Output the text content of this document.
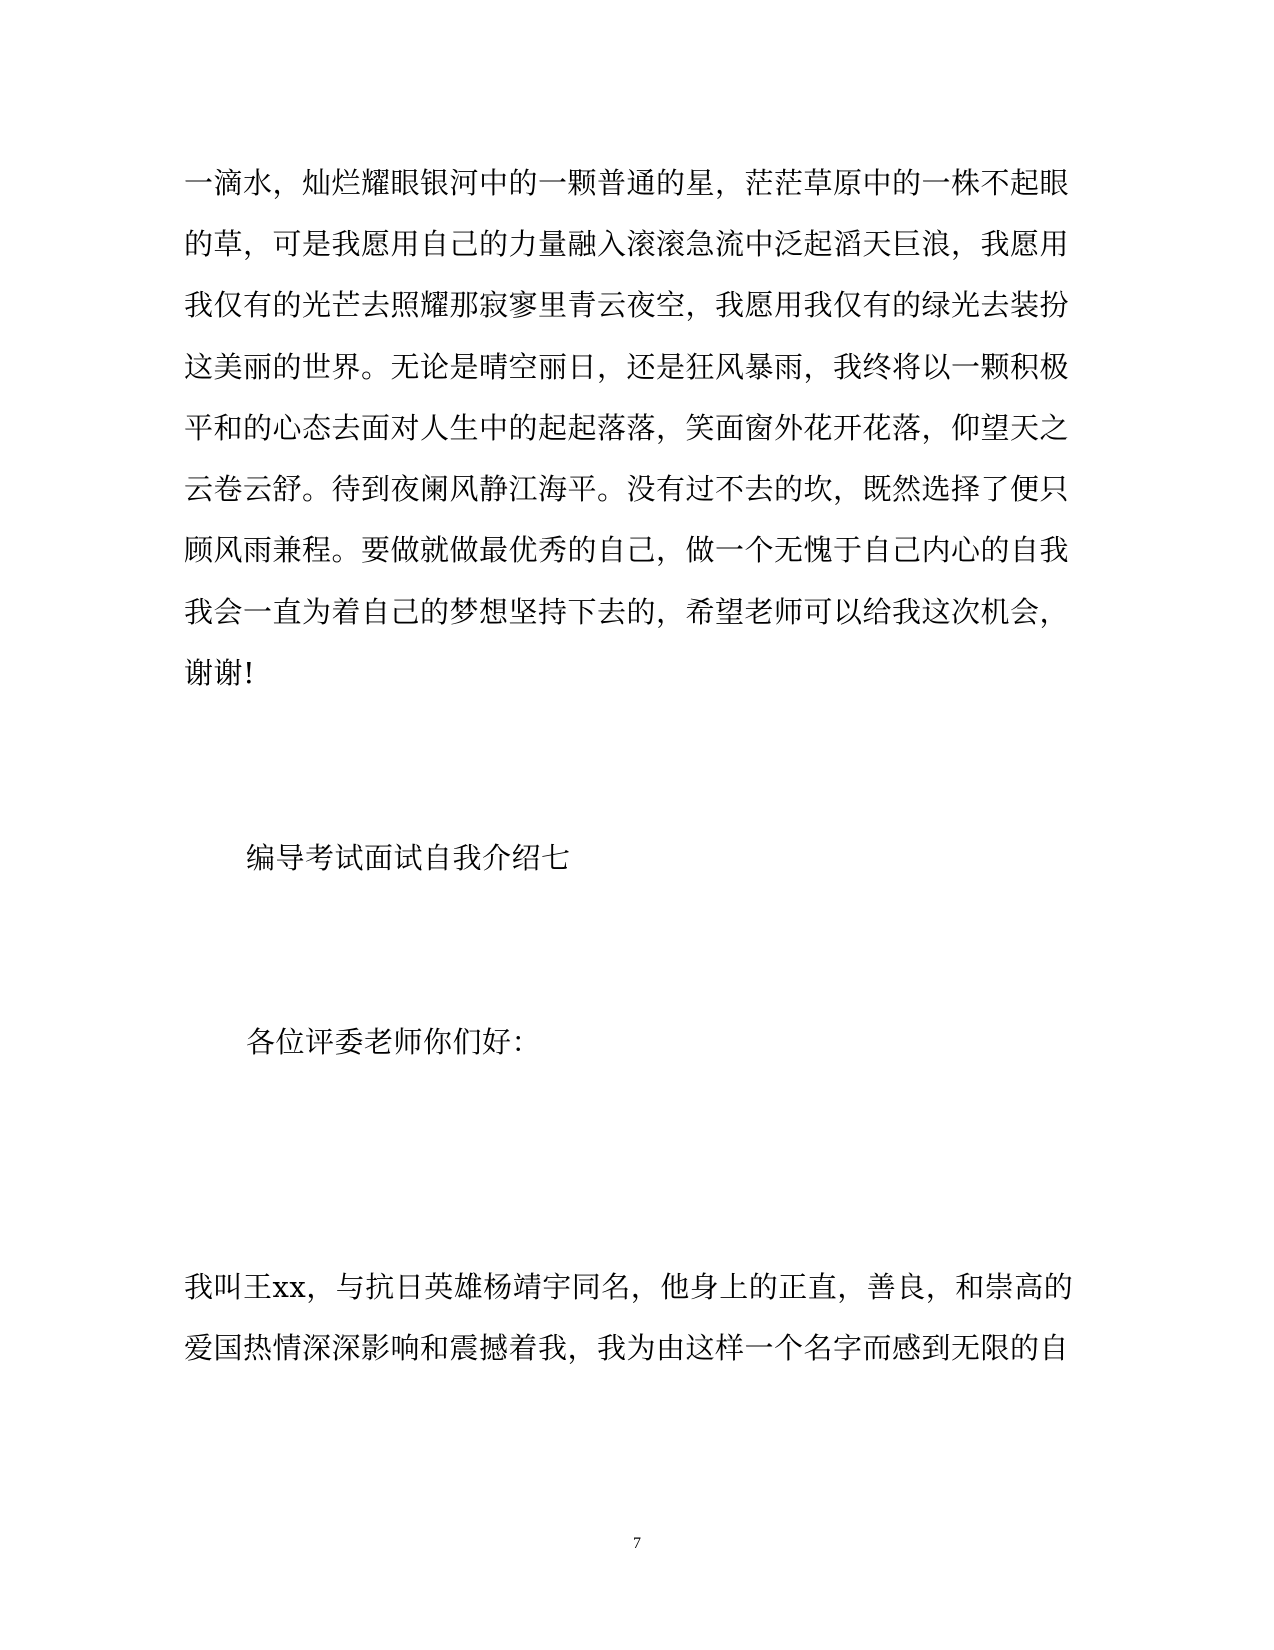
一滴水，灿烂耀眼银河中的一颗普通的星，茫茫草原中的一株不起眼
的草，可是我愿用自己的力量融入滚滚急流中泛起滔天巨浪，我愿用
我仅有的光芒去照耀那寂寥里青云夜空，我愿用我仅有的绿光去装扮
这美丽的世界。无论是晴空丽日，还是狂风暴雨，我终将以一颗积极
平和的心态去面对人生中的起起落落，笑面窗外花开花落，仰望天之
云卷云舒。待到夜阑风静江海平。没有过不去的坎，既然选择了便只
顾风雨兼程。要做就做最优秀的自己，做一个无愧于自己内心的自我
我会一直为着自己的梦想坚持下去的，希望老师可以给我这次机会，
谢谢!
编导考试面试自我介绍七
各位评委老师你们好：
我叫王xx，与抗日英雄杨靖宇同名，他身上的正直，善良，和崇高的
爱国热情深深影响和震撼着我，我为由这样一个名字而感到无限的自
7
